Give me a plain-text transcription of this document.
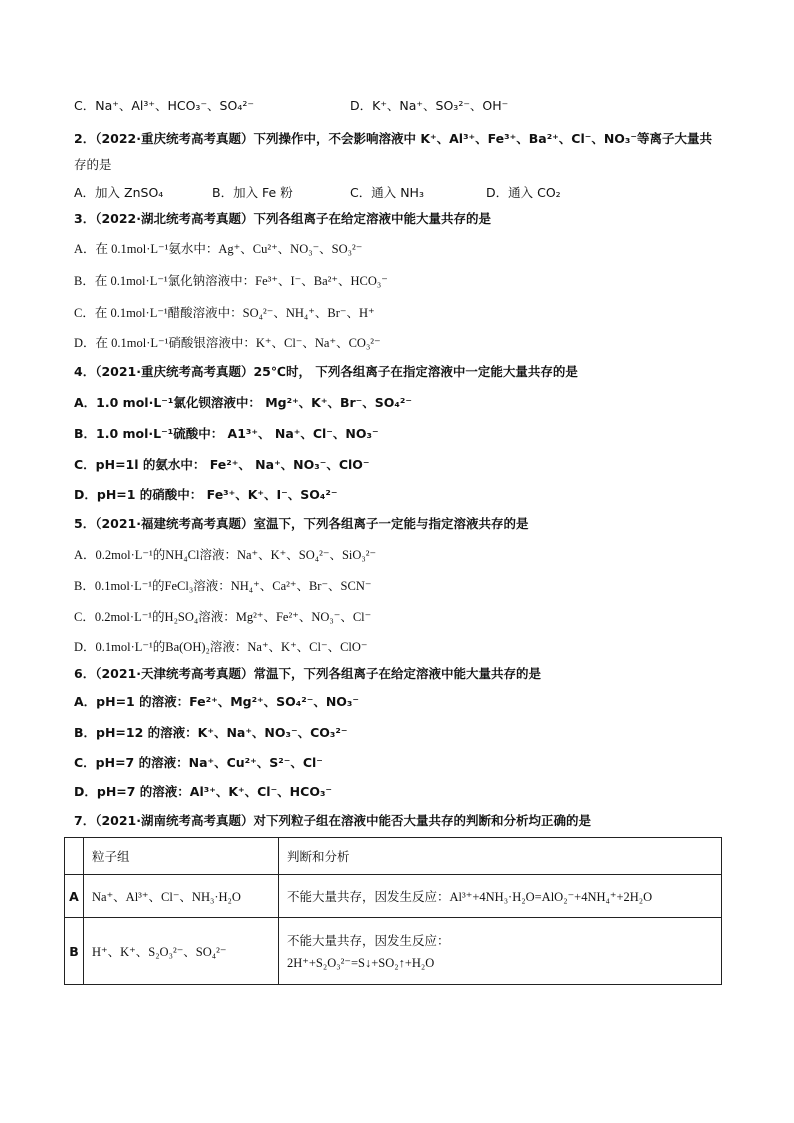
C．Na⁺、Al³⁺、HCO₃⁻、SO₄²⁻	D．K⁺、Na⁺、SO₃²⁻、OH⁻
2．（2022·重庆统考高考真题）下列操作中，不会影响溶液中 K⁺、Al³⁺、Fe³⁺、Ba²⁺、Cl⁻、NO₃⁻等离子大量共
存的是
A．加入 ZnSO₄	B．加入 Fe 粉	C．通入 NH₃	D．通入 CO₂
3．（2022·湖北统考高考真题）下列各组离子在给定溶液中能大量共存的是
A．在 0.1mol·L⁻¹氨水中：Ag⁺、Cu²⁺、NO₃⁻、SO₃²⁻
B．在 0.1mol·L⁻¹氯化钠溶液中：Fe³⁺、I⁻、Ba²⁺、HCO₃⁻
C．在 0.1mol·L⁻¹醋酸溶液中：SO₄²⁻、NH₄⁺、Br⁻、H⁺
D．在 0.1mol·L⁻¹硝酸银溶液中：K⁺、Cl⁻、Na⁺、CO₃²⁻
4．（2021·重庆统考高考真题）25℃时， 下列各组离子在指定溶液中一定能大量共存的是
A．1.0 mol·L⁻¹氯化钡溶液中： Mg²⁺、K⁺、Br⁻、SO₄²⁻
B．1.0 mol·L⁻¹硫酸中： A1³⁺、 Na⁺、Cl⁻、NO₃⁻
C．pH=1l 的氨水中： Fe²⁺、 Na⁺、NO₃⁻、ClO⁻
D．pH=1 的硝酸中： Fe³⁺、K⁺、I⁻、SO₄²⁻
5．（2021·福建统考高考真题）室温下，下列各组离子一定能与指定溶液共存的是
A．0.2mol·L⁻¹的NH₄Cl溶液：Na⁺、K⁺、SO₄²⁻、SiO₃²⁻
B．0.1mol·L⁻¹的FeCl₃溶液：NH₄⁺、Ca²⁺、Br⁻、SCN⁻
C．0.2mol·L⁻¹的H₂SO₄溶液：Mg²⁺、Fe²⁺、NO₃⁻、Cl⁻
D．0.1mol·L⁻¹的Ba(OH)₂溶液：Na⁺、K⁺、Cl⁻、ClO⁻
6．（2021·天津统考高考真题）常温下，下列各组离子在给定溶液中能大量共存的是
A．pH=1 的溶液：Fe²⁺、Mg²⁺、SO₄²⁻、NO₃⁻
B．pH=12 的溶液：K⁺、Na⁺、NO₃⁻、CO₃²⁻
C．pH=7 的溶液：Na⁺、Cu²⁺、S²⁻、Cl⁻
D．pH=7 的溶液：Al³⁺、K⁺、Cl⁻、HCO₃⁻
7．（2021·湖南统考高考真题）对下列粒子组在溶液中能否大量共存的判断和分析均正确的是
	粒子组	判断和分析
A	Na⁺、Al³⁺、Cl⁻、NH₃·H₂O	不能大量共存，因发生反应：Al³⁺+4NH₃·H₂O=AlO₂⁻+4NH₄⁺+2H₂O
B	H⁺、K⁺、S₂O₃²⁻、SO₄²⁻	不能大量共存，因发生反应：
2H⁺+S₂O₃²⁻=S↓+SO₂↑+H₂O
